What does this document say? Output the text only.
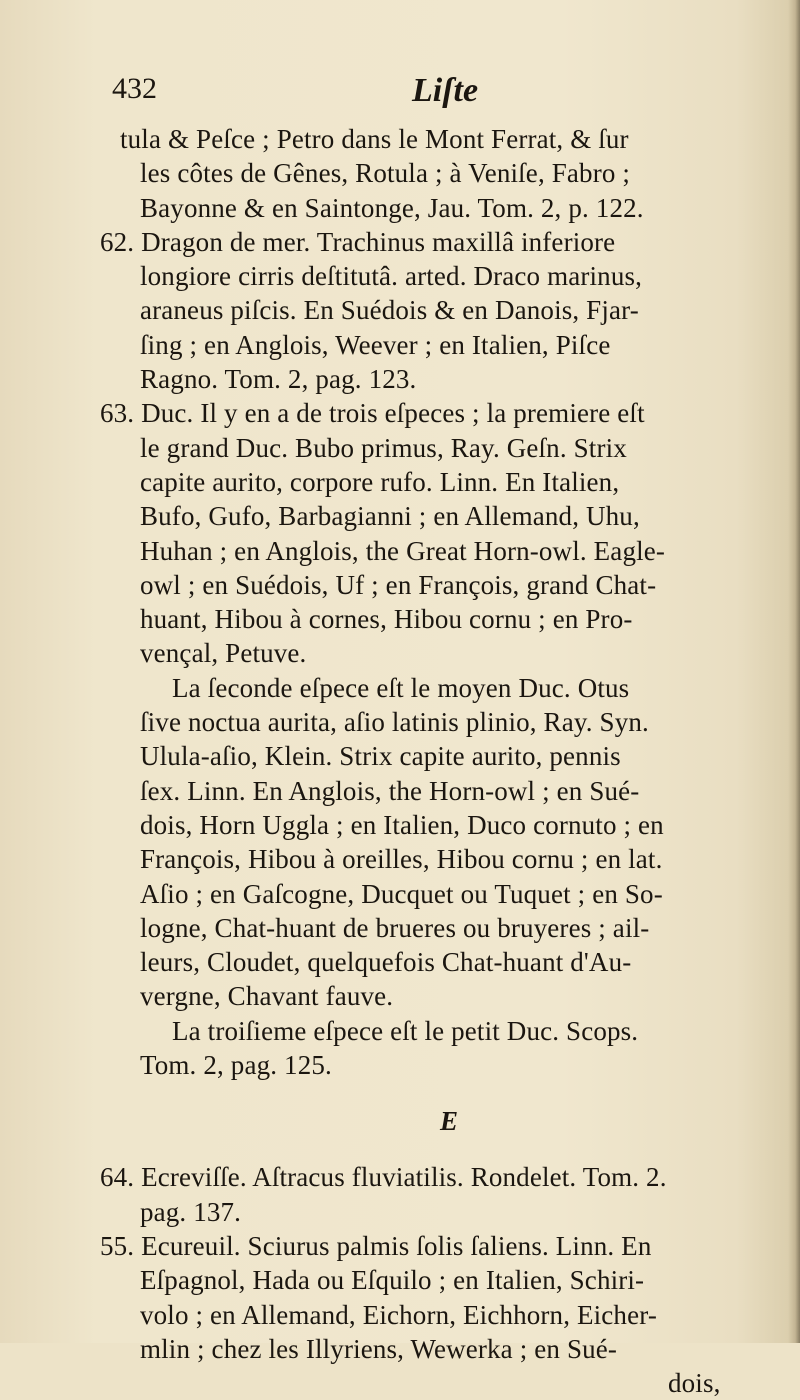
432	Liſte
tula & Peſce ; Petro dans le Mont Ferrat, & ſur
les côtes de Gênes, Rotula ; à Veniſe, Fabro ;
Bayonne & en Saintonge, Jau. Tom. 2, p. 122.
62. Dragon de mer. Trachinus maxillâ inferiore
longiore cirris deſtitutâ. arted. Draco marinus,
araneus piſcis. En Suédois & en Danois, Fjar-
ſing ; en Anglois, Weever ; en Italien, Piſce
Ragno. Tom. 2, pag. 123.
63. Duc. Il y en a de trois eſpeces ; la premiere eſt
le grand Duc. Bubo primus, Ray. Geſn. Strix
capite aurito, corpore rufo. Linn. En Italien,
Bufo, Gufo, Barbagianni ; en Allemand, Uhu,
Huhan ; en Anglois, the Great Horn-owl. Eagle-
owl ; en Suédois, Uf ; en François, grand Chat-
huant, Hibou à cornes, Hibou cornu ; en Pro-
vençal, Petuve.
La ſeconde eſpece eſt le moyen Duc. Otus
ſive noctua aurita, aſio latinis plinio, Ray. Syn.
Ulula-aſio, Klein. Strix capite aurito, pennis
ſex. Linn. En Anglois, the Horn-owl ; en Sué-
dois, Horn Uggla ; en Italien, Duco cornuto ; en
François, Hibou à oreilles, Hibou cornu ; en lat.
Aſio ; en Gaſcogne, Ducquet ou Tuquet ; en So-
logne, Chat-huant de brueres ou bruyeres ; ail-
leurs, Cloudet, quelquefois Chat-huant d'Au-
vergne, Chavant fauve.
La troiſieme eſpece eſt le petit Duc. Scops.
Tom. 2, pag. 125.
E
64. Ecreviſſe. Aſtracus fluviatilis. Rondelet. Tom. 2.
pag. 137.
55. Ecureuil. Sciurus palmis ſolis ſaliens. Linn. En
Eſpagnol, Hada ou Eſquilo ; en Italien, Schiri-
volo ; en Allemand, Eichorn, Eichhorn, Eicher-
mlin ; chez les Illyriens, Wewerka ; en Sué-
dois,
